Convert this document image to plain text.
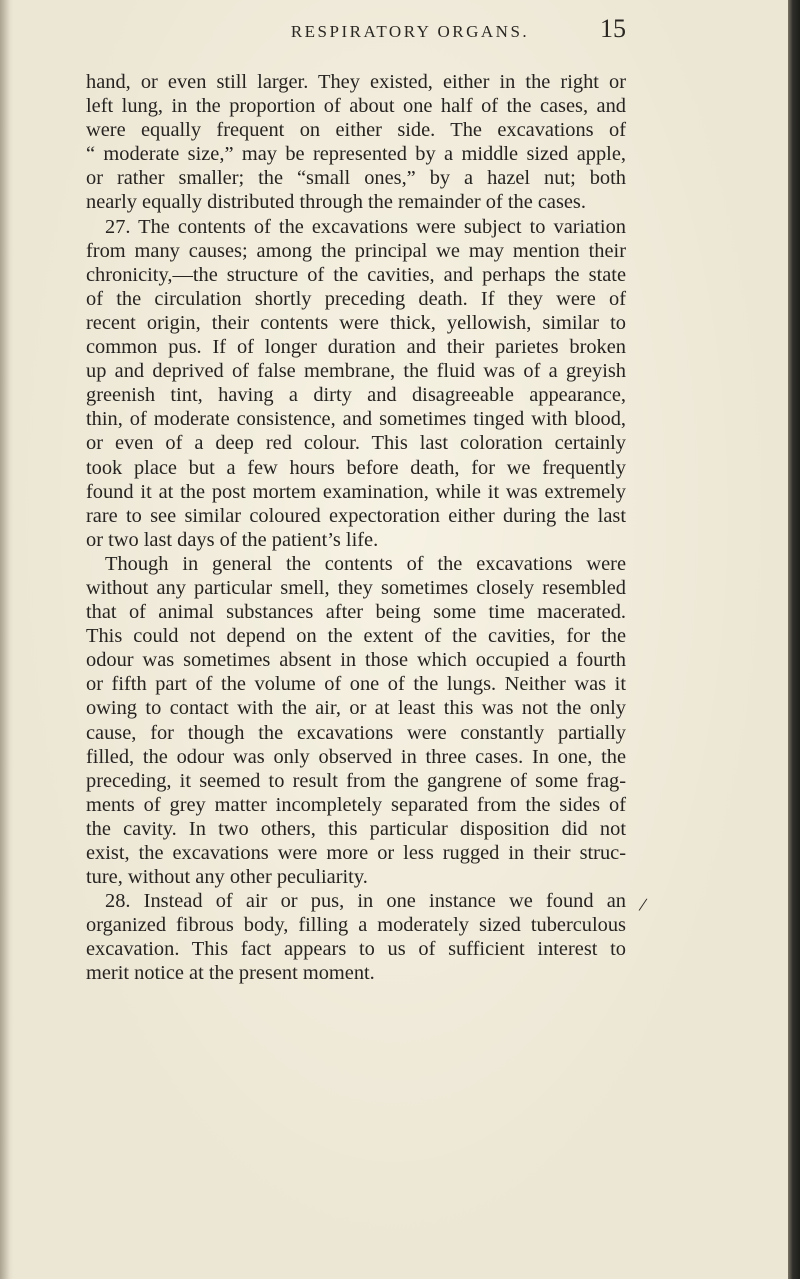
RESPIRATORY ORGANS.	15
hand, or even still larger. They existed, either in the right or
left lung, in the proportion of about one half of the cases, and
were equally frequent on either side. The excavations of
“ moderate size,” may be represented by a middle sized apple,
or rather smaller; the “small ones,” by a hazel nut; both
nearly equally distributed through the remainder of the cases.
27. The contents of the excavations were subject to variation
from many causes; among the principal we may mention their
chronicity,—the structure of the cavities, and perhaps the state
of the circulation shortly preceding death. If they were of
recent origin, their contents were thick, yellowish, similar to
common pus. If of longer duration and their parietes broken
up and deprived of false membrane, the fluid was of a greyish
greenish tint, having a dirty and disagreeable appearance,
thin, of moderate consistence, and sometimes tinged with blood,
or even of a deep red colour. This last coloration certainly
took place but a few hours before death, for we frequently
found it at the post mortem examination, while it was extremely
rare to see similar coloured expectoration either during the last
or two last days of the patient’s life.
Though in general the contents of the excavations were
without any particular smell, they sometimes closely resembled
that of animal substances after being some time macerated.
This could not depend on the extent of the cavities, for the
odour was sometimes absent in those which occupied a fourth
or fifth part of the volume of one of the lungs. Neither was it
owing to contact with the air, or at least this was not the only
cause, for though the excavations were constantly partially
filled, the odour was only observed in three cases. In one, the
preceding, it seemed to result from the gangrene of some frag-
ments of grey matter incompletely separated from the sides of
the cavity. In two others, this particular disposition did not
exist, the excavations were more or less rugged in their struc-
ture, without any other peculiarity.
28. Instead of air or pus, in one instance we found an
organized fibrous body, filling a moderately sized tuberculous
excavation. This fact appears to us of sufficient interest to
merit notice at the present moment.
/
